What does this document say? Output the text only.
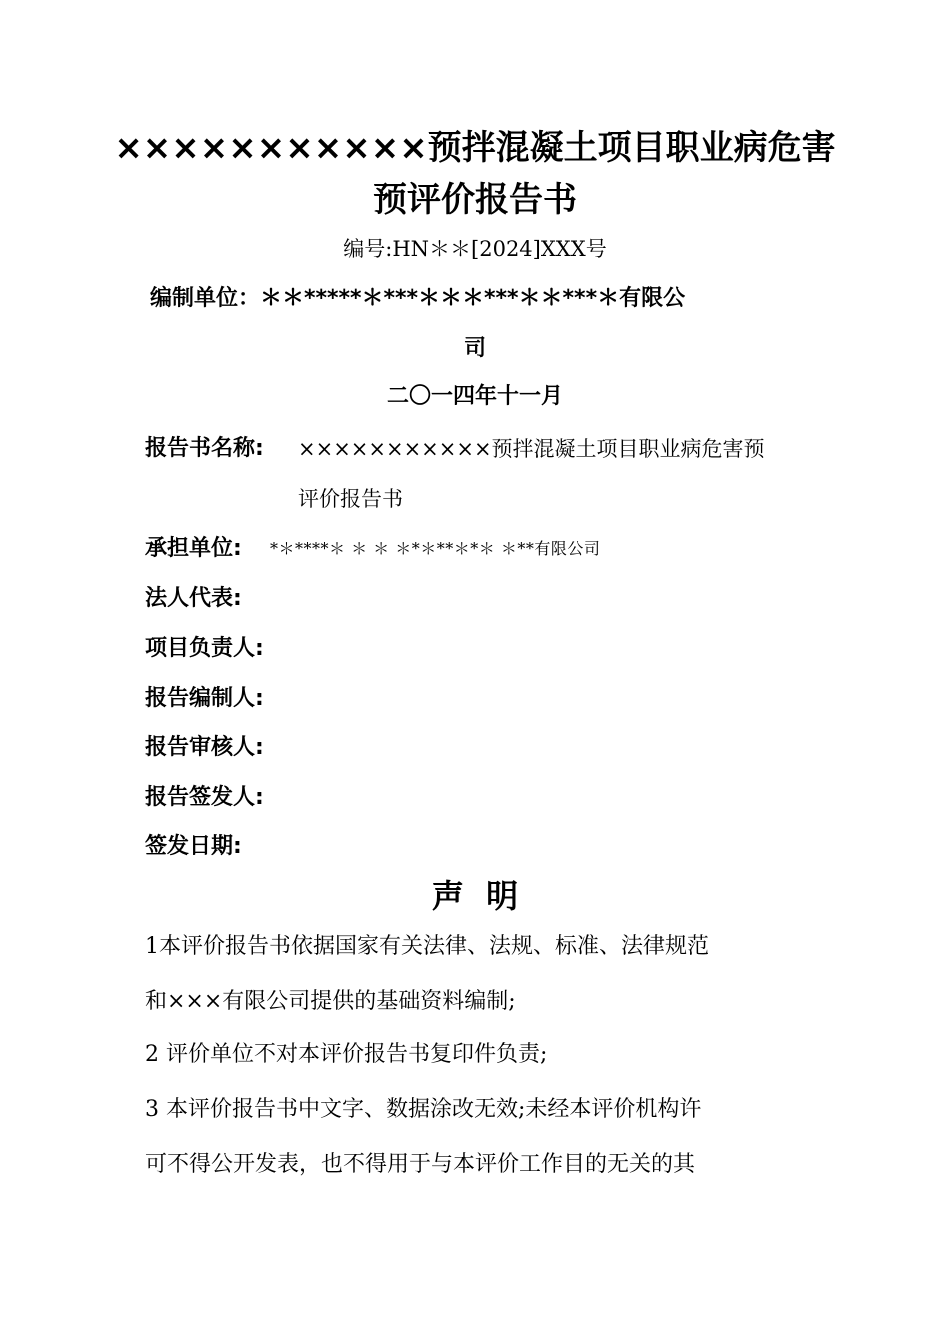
×××××××××××预拌混凝土项目职业病危害
预评价报告书
编号:HN＊＊[2024]XXX号
编制单位：＊＊*****＊***＊＊＊***＊＊***＊有限公
司
二〇一四年十一月
报告书名称: ×××××××××××预拌混凝土项目职业病危害预
评价报告书
承担单位: *＊****＊ ＊ ＊ ＊*＊**＊*＊ ＊**有限公司
法人代表:
项目负责人:
报告编制人:
报告审核人:
报告签发人:
签发日期:
声  明
1本评价报告书依据国家有关法律、法规、标准、法律规范
和×××有限公司提供的基础资料编制;
2 评价单位不对本评价报告书复印件负责;
3 本评价报告书中文字、数据涂改无效;未经本评价机构许
可不得公开发表，也不得用于与本评价工作目的无关的其
